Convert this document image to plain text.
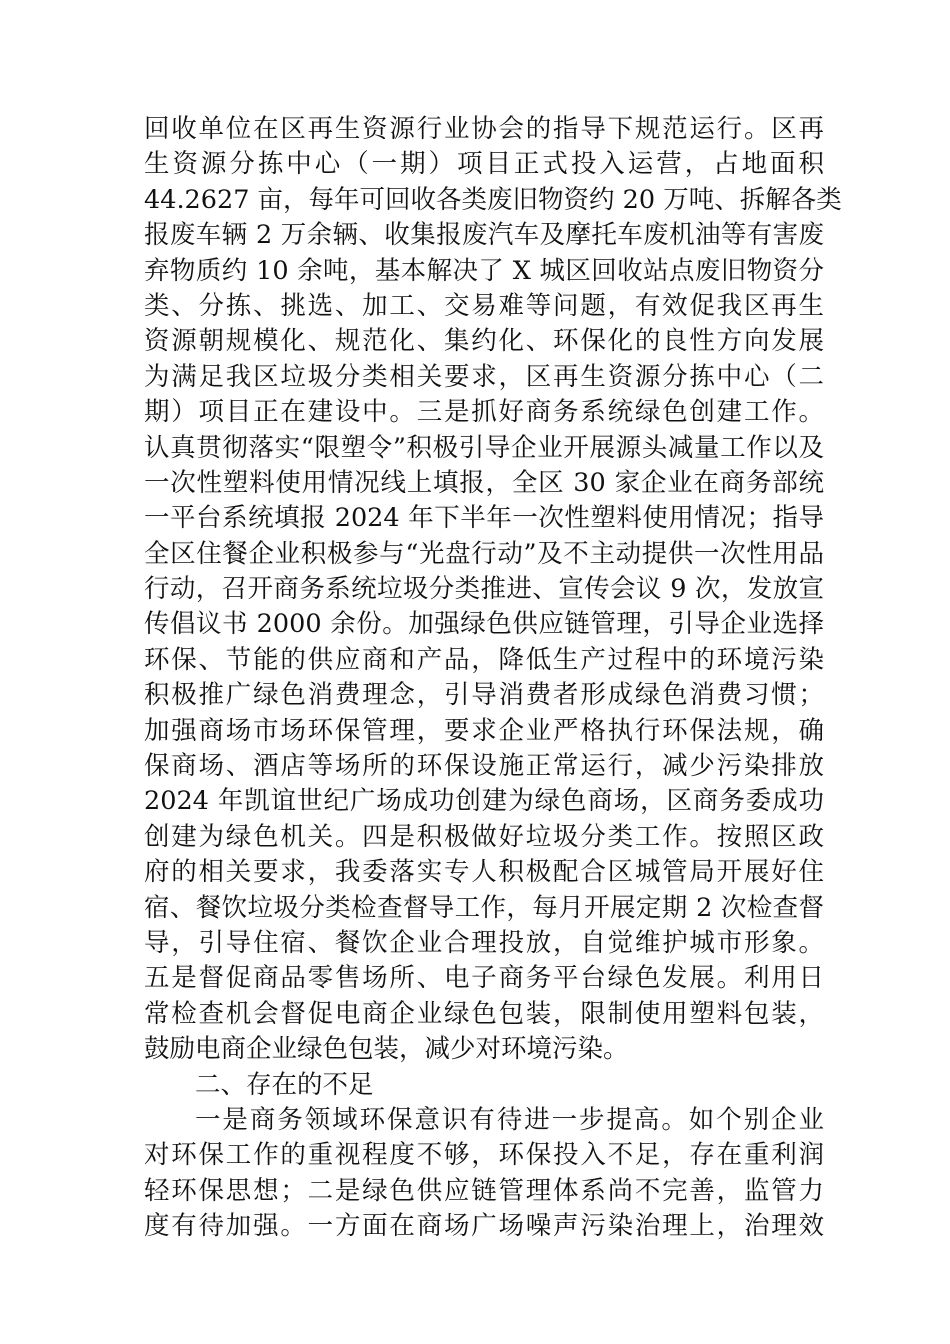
回收单位在区再生资源行业协会的指导下规范运行。区再
生资源分拣中心（一期）项目正式投入运营，占地面积
44.2627 亩，每年可回收各类废旧物资约 20 万吨、拆解各类
报废车辆 2 万余辆、收集报废汽车及摩托车废机油等有害废
弃物质约 10 余吨，基本解决了 X 城区回收站点废旧物资分
类、分拣、挑选、加工、交易难等问题，有效促我区再生
资源朝规模化、规范化、集约化、环保化的良性方向发展
为满足我区垃圾分类相关要求，区再生资源分拣中心（二
期）项目正在建设中。三是抓好商务系统绿色创建工作。
认真贯彻落实“限塑令”积极引导企业开展源头减量工作以及
一次性塑料使用情况线上填报，全区 30 家企业在商务部统
一平台系统填报 2024 年下半年一次性塑料使用情况；指导
全区住餐企业积极参与“光盘行动”及不主动提供一次性用品
行动，召开商务系统垃圾分类推进、宣传会议 9 次，发放宣
传倡议书 2000 余份。加强绿色供应链管理，引导企业选择
环保、节能的供应商和产品，降低生产过程中的环境污染
积极推广绿色消费理念，引导消费者形成绿色消费习惯；
加强商场市场环保管理，要求企业严格执行环保法规，确
保商场、酒店等场所的环保设施正常运行，减少污染排放
2024 年凯谊世纪广场成功创建为绿色商场，区商务委成功
创建为绿色机关。四是积极做好垃圾分类工作。按照区政
府的相关要求，我委落实专人积极配合区城管局开展好住
宿、餐饮垃圾分类检查督导工作，每月开展定期 2 次检查督
导，引导住宿、餐饮企业合理投放，自觉维护城市形象。
五是督促商品零售场所、电子商务平台绿色发展。利用日
常检查机会督促电商企业绿色包装，限制使用塑料包装，
鼓励电商企业绿色包装，减少对环境污染。
二、存在的不足
一是商务领域环保意识有待进一步提高。如个别企业
对环保工作的重视程度不够，环保投入不足，存在重利润
轻环保思想；二是绿色供应链管理体系尚不完善，监管力
度有待加强。一方面在商场广场噪声污染治理上，治理效
